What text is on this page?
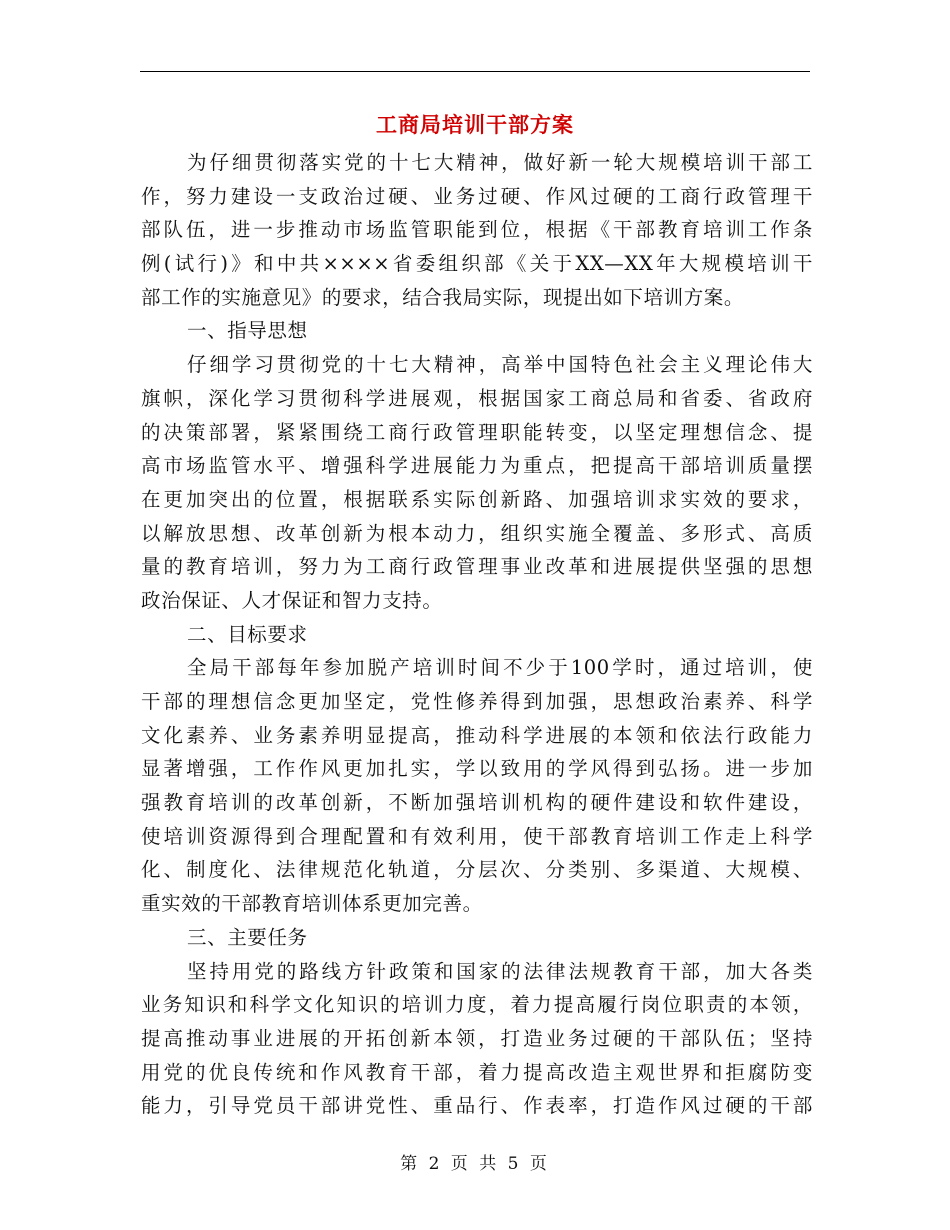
工商局培训干部方案
为仔细贯彻落实党的十七大精神，做好新一轮大规模培训干部工
作，努力建设一支政治过硬、业务过硬、作风过硬的工商行政管理干
部队伍，进一步推动市场监管职能到位，根据《干部教育培训工作条
例(试行)》和中共××××省委组织部《关于XX—XX年大规模培训干
部工作的实施意见》的要求，结合我局实际，现提出如下培训方案。
一、指导思想
仔细学习贯彻党的十七大精神，高举中国特色社会主义理论伟大
旗帜，深化学习贯彻科学进展观，根据国家工商总局和省委、省政府
的决策部署，紧紧围绕工商行政管理职能转变，以坚定理想信念、提
高市场监管水平、增强科学进展能力为重点，把提高干部培训质量摆
在更加突出的位置，根据联系实际创新路、加强培训求实效的要求，
以解放思想、改革创新为根本动力，组织实施全覆盖、多形式、高质
量的教育培训，努力为工商行政管理事业改革和进展提供坚强的思想
政治保证、人才保证和智力支持。
二、目标要求
全局干部每年参加脱产培训时间不少于100学时，通过培训，使
干部的理想信念更加坚定，党性修养得到加强，思想政治素养、科学
文化素养、业务素养明显提高，推动科学进展的本领和依法行政能力
显著增强，工作作风更加扎实，学以致用的学风得到弘扬。进一步加
强教育培训的改革创新，不断加强培训机构的硬件建设和软件建设，
使培训资源得到合理配置和有效利用，使干部教育培训工作走上科学
化、制度化、法律规范化轨道，分层次、分类别、多渠道、大规模、
重实效的干部教育培训体系更加完善。
三、主要任务
坚持用党的路线方针政策和国家的法律法规教育干部，加大各类
业务知识和科学文化知识的培训力度，着力提高履行岗位职责的本领，
提高推动事业进展的开拓创新本领，打造业务过硬的干部队伍；坚持
用党的优良传统和作风教育干部，着力提高改造主观世界和拒腐防变
能力，引导党员干部讲党性、重品行、作表率，打造作风过硬的干部
第 2 页 共 5 页
